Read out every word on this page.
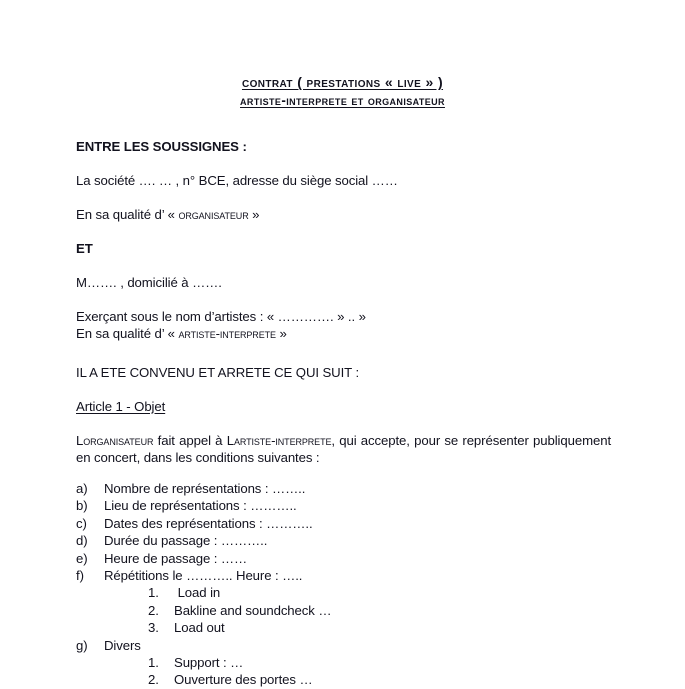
contrat ( prestations « live » )
artiste-interprete et organisateur

ENTRE LES SOUSSIGNES :

La société …. … , n° BCE, adresse du siège social ……

En sa qualité d’ « organisateur »

ET

M……. , domicilié à …….

Exerçant sous le nom d’artistes : « …………. » .. »

En sa qualité d’ « artiste-interprete »

IL A ETE CONVENU ET ARRETE CE QUI SUIT :

Article 1 - Objet

Lorganisateur fait appel à Lartiste-interprete, qui accepte, pour se représenter publiquement en concert, dans les conditions suivantes :

a)	Nombre de représentations : ……..
b)	Lieu de représentations : ………..
c)	Dates des représentations : ………..
d)	Durée du passage : ………..
e)	Heure de passage : ……
f)	Répétitions le ……….. Heure : …..
1.	Load in
2.	Bakline and soundcheck …
3.	Load out
g)	Divers
1.	Support : …
2.	Ouverture des portes …
